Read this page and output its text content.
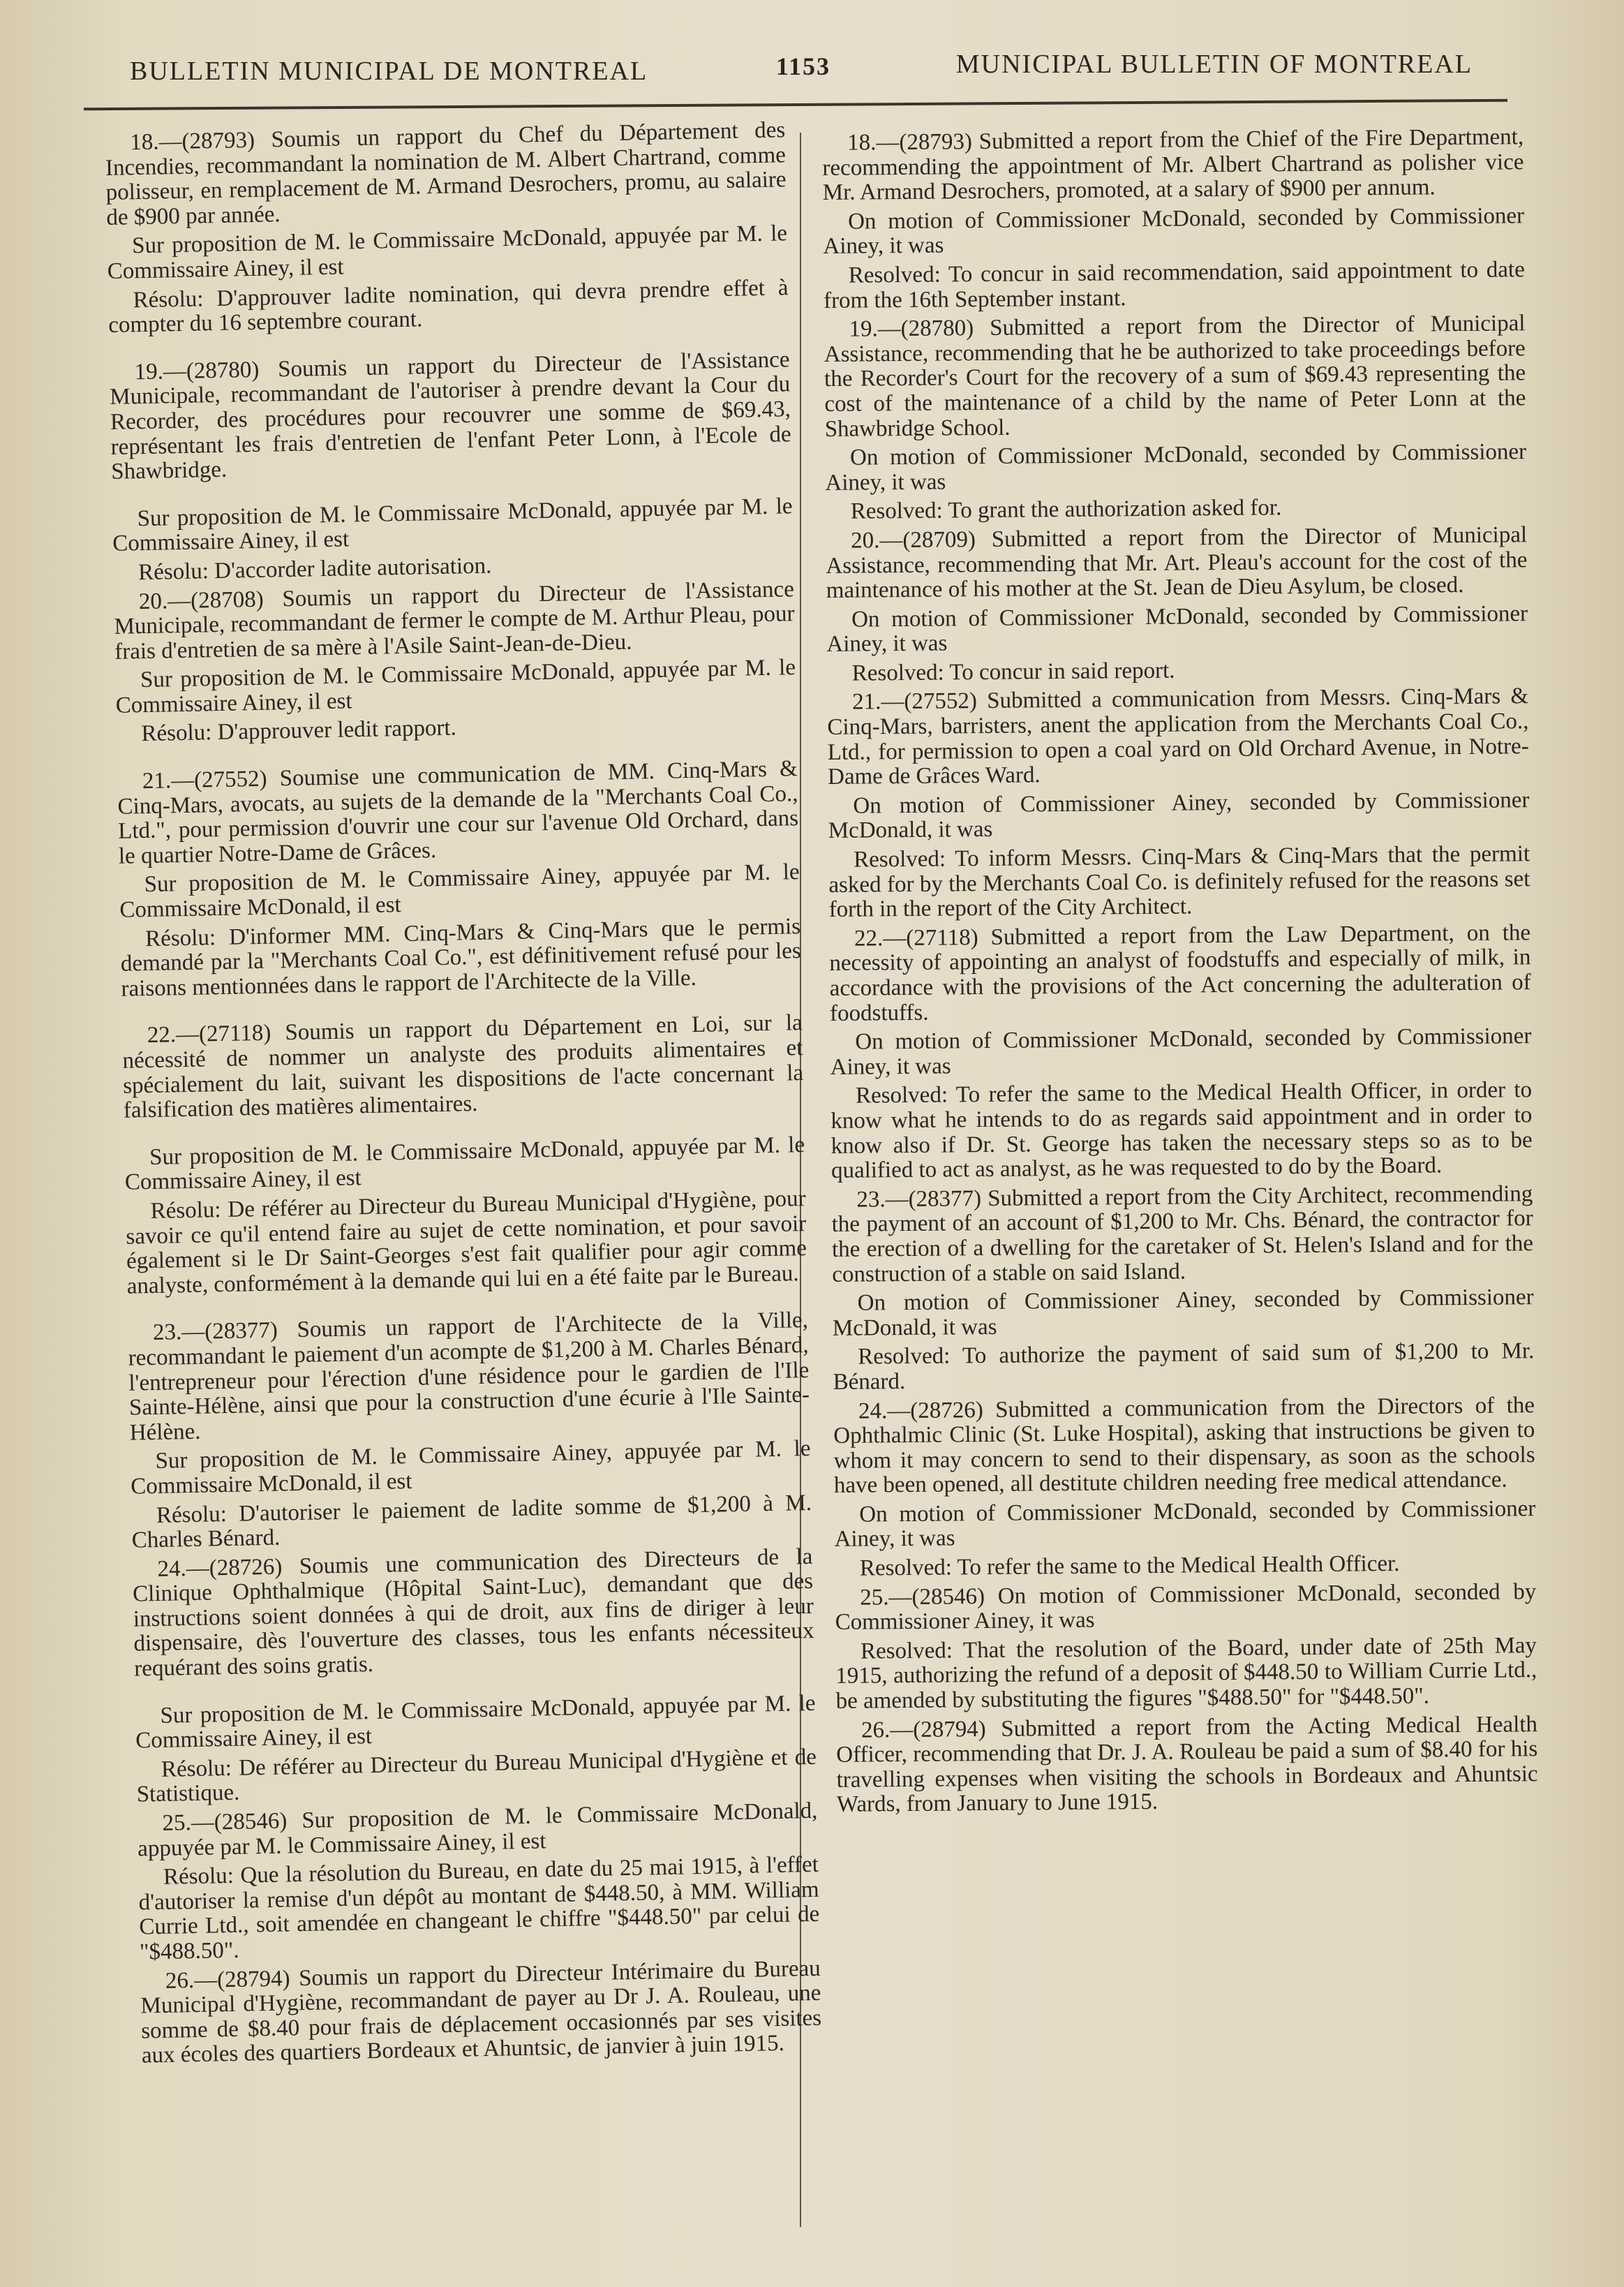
BULLETIN MUNICIPAL DE MONTREAL	1153	MUNICIPAL BULLETIN OF MONTREAL

18.—(28793) Soumis un rapport du Chef du Département des Incendies, recommandant la nomination de M. Albert Chartrand, comme polisseur, en remplacement de M. Armand Desrochers, promu, au salaire de $900 par année.

Sur proposition de M. le Commissaire McDonald, appuyée par M. le Commissaire Ainey, il est

Résolu: D'approuver ladite nomination, qui devra prendre effet à compter du 16 septembre courant.

19.—(28780) Soumis un rapport du Directeur de l'Assistance Municipale, recommandant de l'autoriser à prendre devant la Cour du Recorder, des procédures pour recouvrer une somme de $69.43, représentant les frais d'entretien de l'enfant Peter Lonn, à l'Ecole de Shawbridge.

Sur proposition de M. le Commissaire McDonald, appuyée par M. le Commissaire Ainey, il est

Résolu: D'accorder ladite autorisation.

20.—(28708) Soumis un rapport du Directeur de l'Assistance Municipale, recommandant de fermer le compte de M. Arthur Pleau, pour frais d'entretien de sa mère à l'Asile Saint-Jean-de-Dieu.

Sur proposition de M. le Commissaire McDonald, appuyée par M. le Commissaire Ainey, il est

Résolu: D'approuver ledit rapport.

21.—(27552) Soumise une communication de MM. Cinq-Mars & Cinq-Mars, avocats, au sujets de la demande de la "Merchants Coal Co., Ltd.", pour permission d'ouvrir une cour sur l'avenue Old Orchard, dans le quartier Notre-Dame de Grâces.

Sur proposition de M. le Commissaire Ainey, appuyée par M. le Commissaire McDonald, il est

Résolu: D'informer MM. Cinq-Mars & Cinq-Mars que le permis demandé par la "Merchants Coal Co.", est définitivement refusé pour les raisons mentionnées dans le rapport de l'Architecte de la Ville.

22.—(27118) Soumis un rapport du Département en Loi, sur la nécessité de nommer un analyste des produits alimentaires et spécialement du lait, suivant les dispositions de l'acte concernant la falsification des matières alimentaires.

Sur proposition de M. le Commissaire McDonald, appuyée par M. le Commissaire Ainey, il est

Résolu: De référer au Directeur du Bureau Municipal d'Hygiène, pour savoir ce qu'il entend faire au sujet de cette nomination, et pour savoir également si le Dr Saint-Georges s'est fait qualifier pour agir comme analyste, conformément à la demande qui lui en a été faite par le Bureau.

23.—(28377) Soumis un rapport de l'Architecte de la Ville, recommandant le paiement d'un acompte de $1,200 à M. Charles Bénard, l'entrepreneur pour l'érection d'une résidence pour le gardien de l'Ile Sainte-Hélène, ainsi que pour la construction d'une écurie à l'Ile Sainte-Hélène.

Sur proposition de M. le Commissaire Ainey, appuyée par M. le Commissaire McDonald, il est

Résolu: D'autoriser le paiement de ladite somme de $1,200 à M. Charles Bénard.

24.—(28726) Soumis une communication des Directeurs de la Clinique Ophthalmique (Hôpital Saint-Luc), demandant que des instructions soient données à qui de droit, aux fins de diriger à leur dispensaire, dès l'ouverture des classes, tous les enfants nécessiteux requérant des soins gratis.

Sur proposition de M. le Commissaire McDonald, appuyée par M. le Commissaire Ainey, il est

Résolu: De référer au Directeur du Bureau Municipal d'Hygiène et de Statistique.

25.—(28546) Sur proposition de M. le Commissaire McDonald, appuyée par M. le Commissaire Ainey, il est

Résolu: Que la résolution du Bureau, en date du 25 mai 1915, à l'effet d'autoriser la remise d'un dépôt au montant de $448.50, à MM. William Currie Ltd., soit amendée en changeant le chiffre "$448.50" par celui de "$488.50".

26.—(28794) Soumis un rapport du Directeur Intérimaire du Bureau Municipal d'Hygiène, recommandant de payer au Dr J. A. Rouleau, une somme de $8.40 pour frais de déplacement occasionnés par ses visites aux écoles des quartiers Bordeaux et Ahuntsic, de janvier à juin 1915.

18.—(28793) Submitted a report from the Chief of the Fire Department, recommending the appointment of Mr. Albert Chartrand as polisher vice Mr. Armand Desrochers, promoted, at a salary of $900 per annum.

On motion of Commissioner McDonald, seconded by Commissioner Ainey, it was

Resolved: To concur in said recommendation, said appointment to date from the 16th September instant.

19.—(28780) Submitted a report from the Director of Municipal Assistance, recommending that he be authorized to take proceedings before the Recorder's Court for the recovery of a sum of $69.43 representing the cost of the maintenance of a child by the name of Peter Lonn at the Shawbridge School.

On motion of Commissioner McDonald, seconded by Commissioner Ainey, it was

Resolved: To grant the authorization asked for.

20.—(28709) Submitted a report from the Director of Municipal Assistance, recommending that Mr. Art. Pleau's account for the cost of the maintenance of his mother at the St. Jean de Dieu Asylum, be closed.

On motion of Commissioner McDonald, seconded by Commissioner Ainey, it was

Resolved: To concur in said report.

21.—(27552) Submitted a communication from Messrs. Cinq-Mars & Cinq-Mars, barristers, anent the application from the Merchants Coal Co., Ltd., for permission to open a coal yard on Old Orchard Avenue, in Notre-Dame de Grâces Ward.

On motion of Commissioner Ainey, seconded by Commissioner McDonald, it was

Resolved: To inform Messrs. Cinq-Mars & Cinq-Mars that the permit asked for by the Merchants Coal Co. is definitely refused for the reasons set forth in the report of the City Architect.

22.—(27118) Submitted a report from the Law Department, on the necessity of appointing an analyst of foodstuffs and especially of milk, in accordance with the provisions of the Act concerning the adulteration of foodstuffs.

On motion of Commissioner McDonald, seconded by Commissioner Ainey, it was

Resolved: To refer the same to the Medical Health Officer, in order to know what he intends to do as regards said appointment and in order to know also if Dr. St. George has taken the necessary steps so as to be qualified to act as analyst, as he was requested to do by the Board.

23.—(28377) Submitted a report from the City Architect, recommending the payment of an account of $1,200 to Mr. Chs. Bénard, the contractor for the erection of a dwelling for the caretaker of St. Helen's Island and for the construction of a stable on said Island.

On motion of Commissioner Ainey, seconded by Commissioner McDonald, it was

Resolved: To authorize the payment of said sum of $1,200 to Mr. Bénard.

24.—(28726) Submitted a communication from the Directors of the Ophthalmic Clinic (St. Luke Hospital), asking that instructions be given to whom it may concern to send to their dispensary, as soon as the schools have been opened, all destitute children needing free medical attendance.

On motion of Commissioner McDonald, seconded by Commissioner Ainey, it was

Resolved: To refer the same to the Medical Health Officer.

25.—(28546) On motion of Commissioner McDonald, seconded by Commissioner Ainey, it was

Resolved: That the resolution of the Board, under date of 25th May 1915, authorizing the refund of a deposit of $448.50 to William Currie Ltd., be amended by substituting the figures "$488.50" for "$448.50".

26.—(28794) Submitted a report from the Acting Medical Health Officer, recommending that Dr. J. A. Rouleau be paid a sum of $8.40 for his travelling expenses when visiting the schools in Bordeaux and Ahuntsic Wards, from January to June 1915.
